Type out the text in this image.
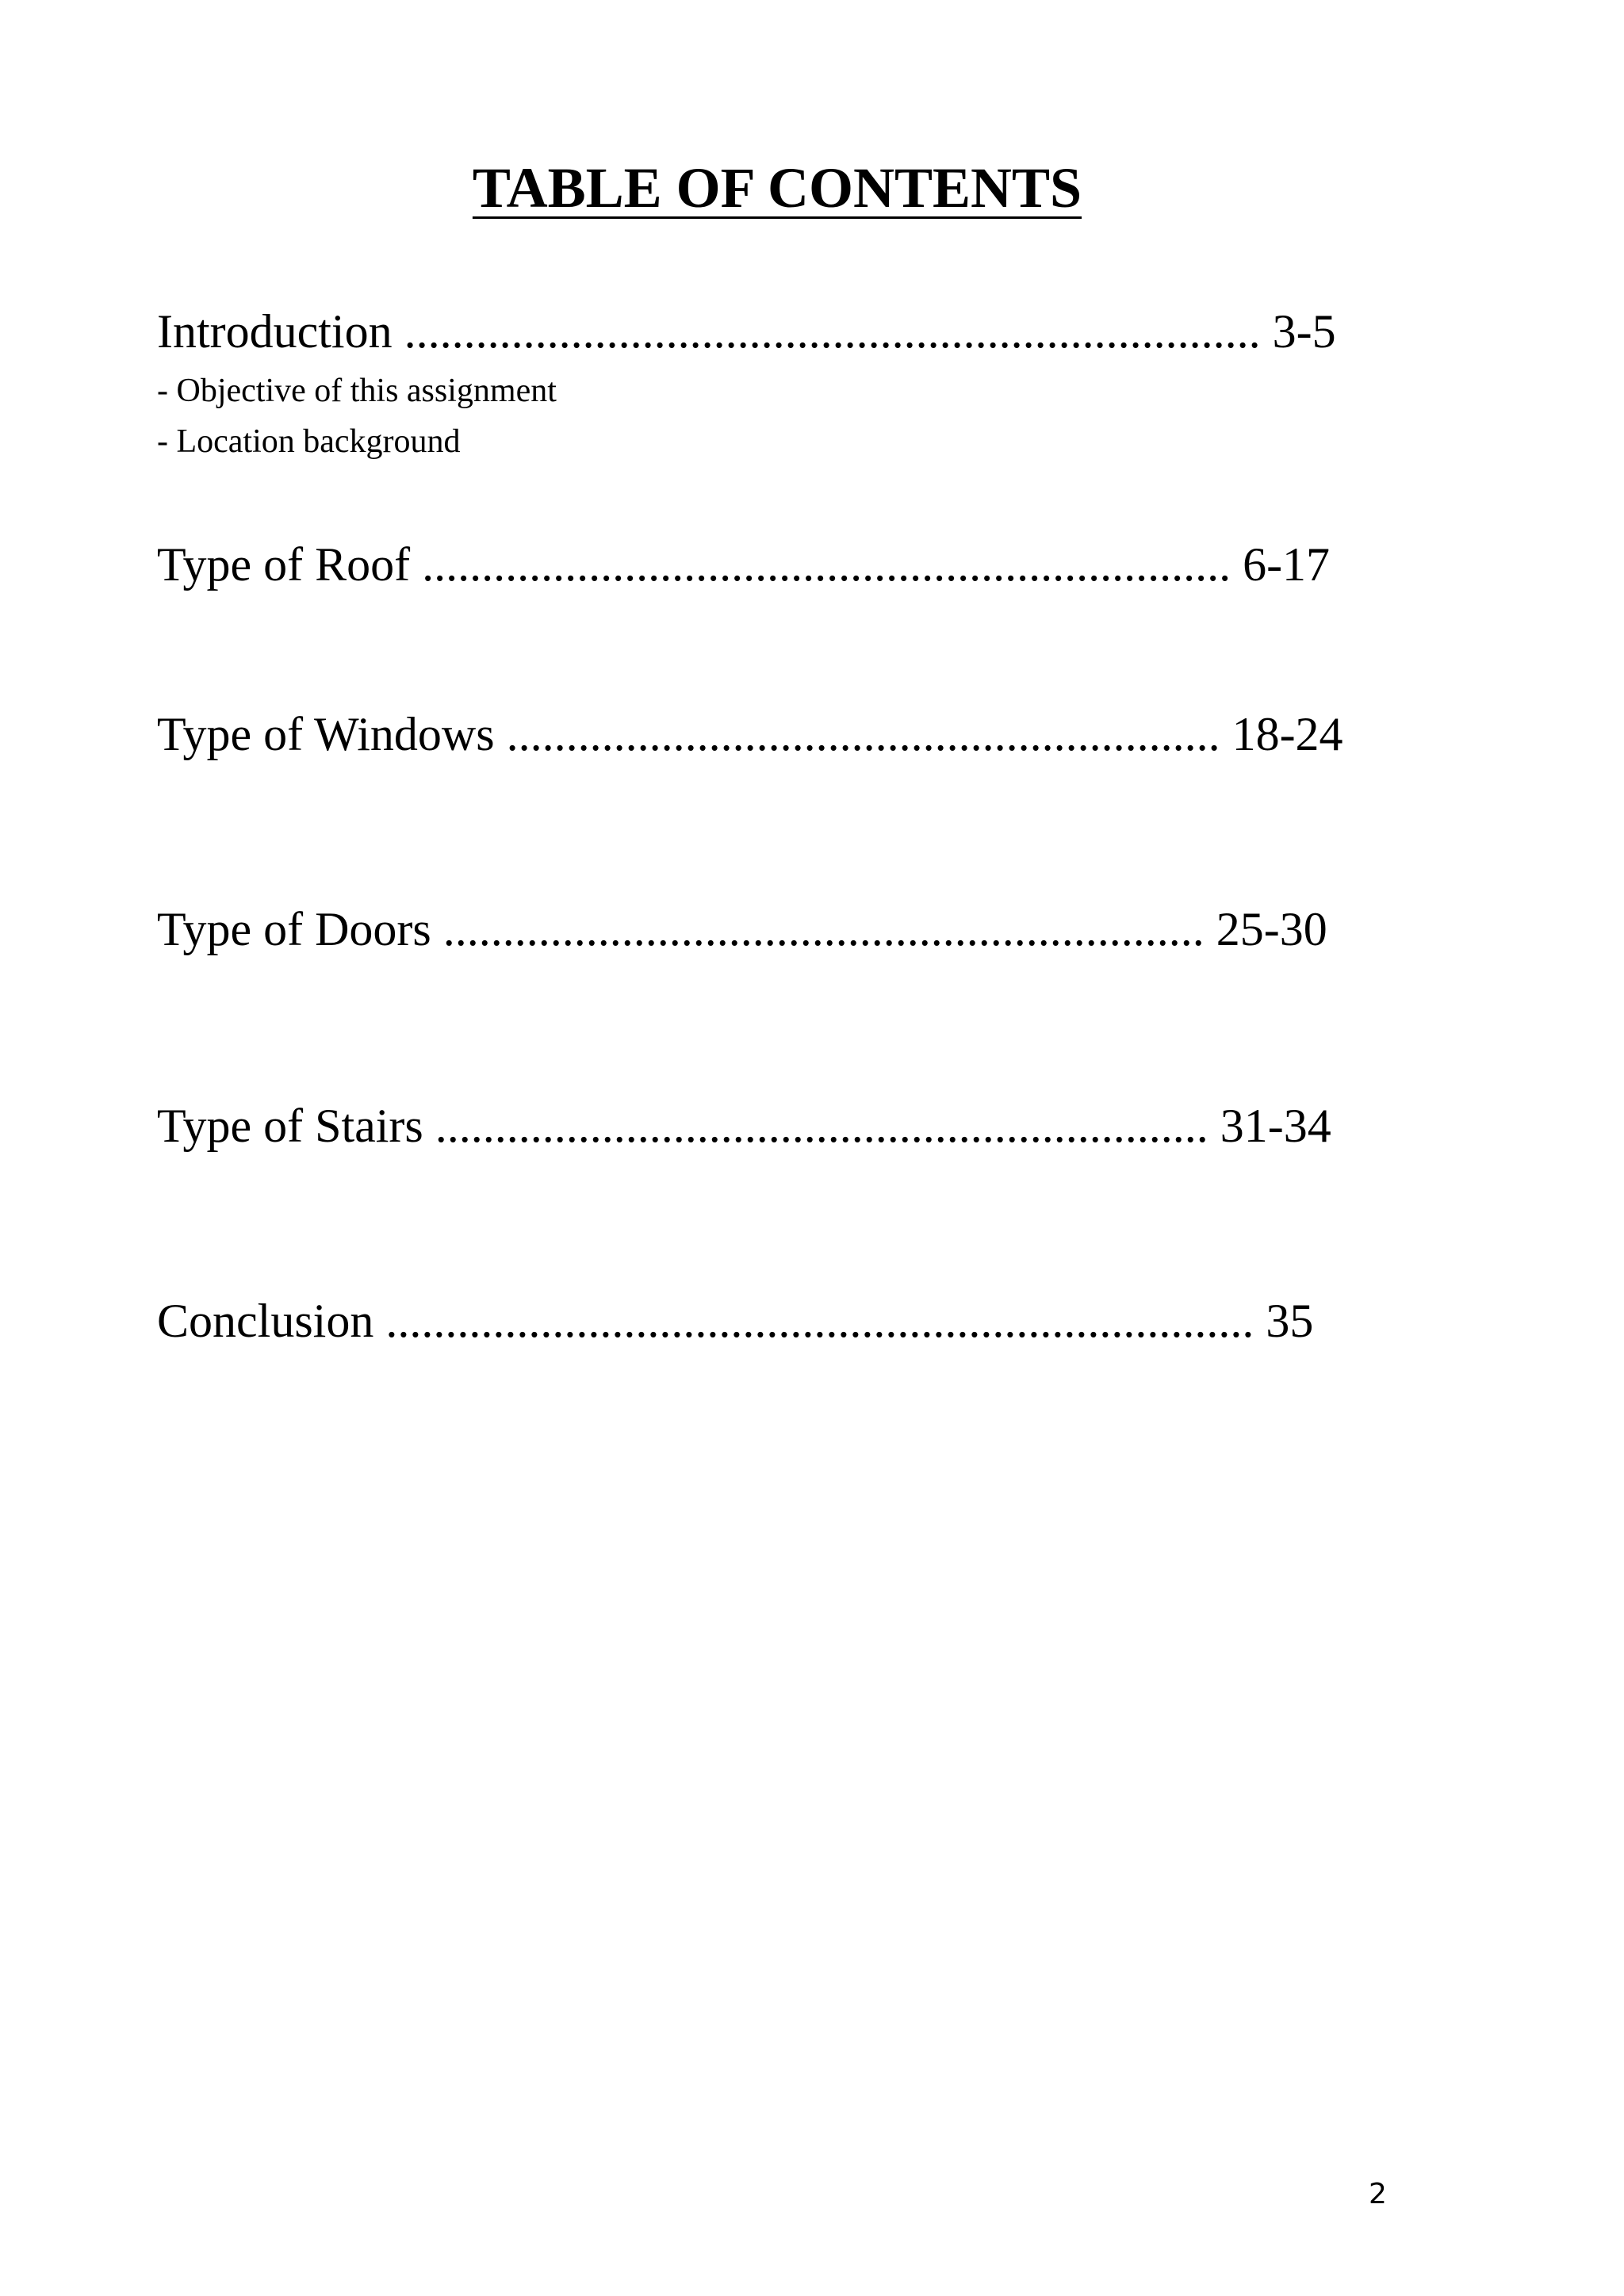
TABLE OF CONTENTS
Introduction ........................................................................ 3-5
- Objective of this assignment
- Location background
Type of Roof .................................................................... 6-17
Type of Windows ............................................................ 18-24
Type of Doors ................................................................ 25-30
Type of Stairs ................................................................. 31-34
Conclusion ......................................................................... 35
2
